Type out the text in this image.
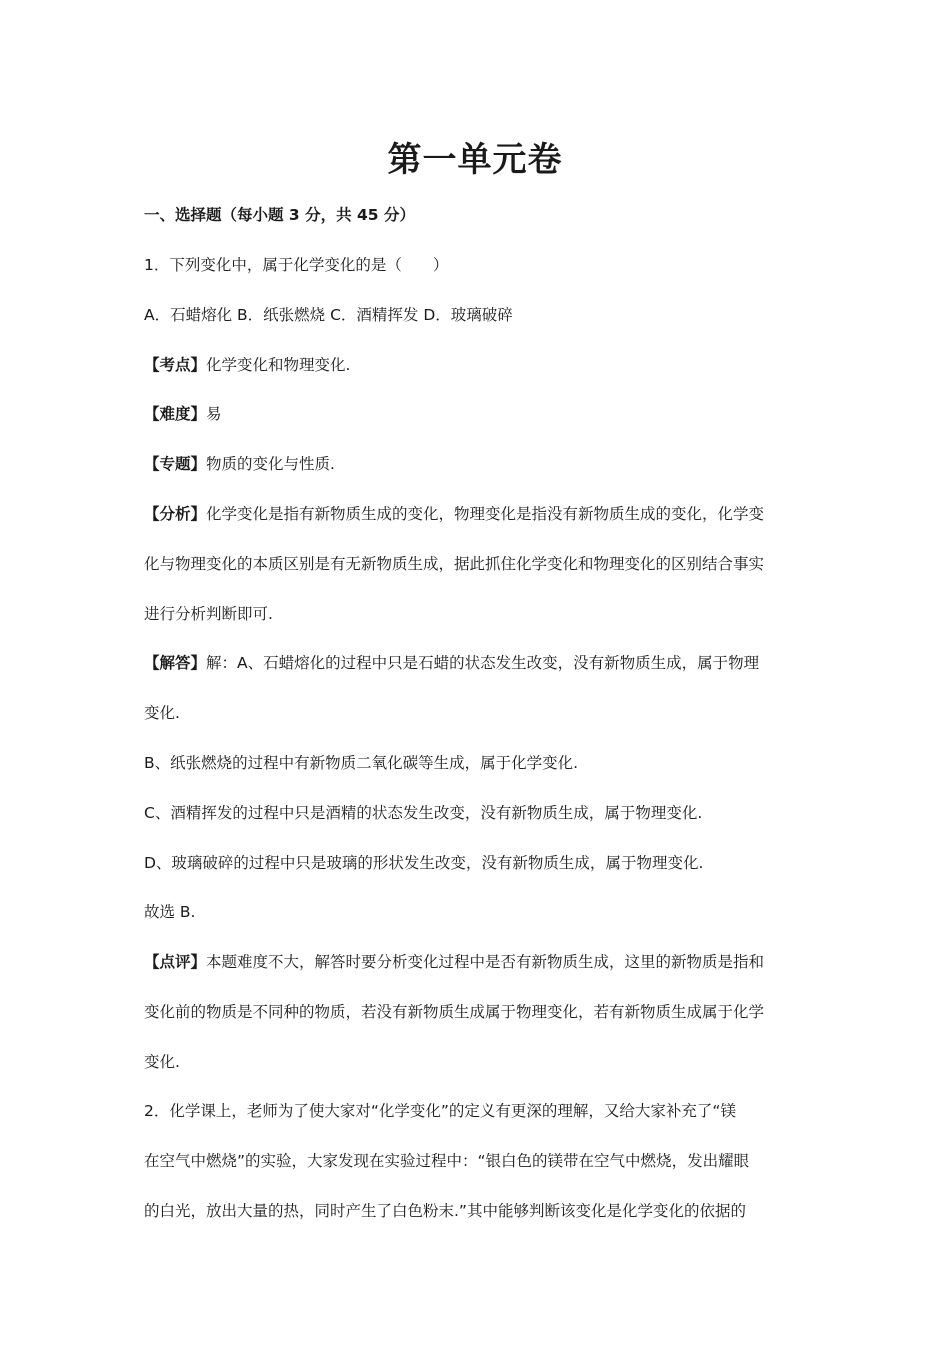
第一单元卷
一、选择题（每小题 3 分，共 45 分）
1．下列变化中，属于化学变化的是（　　）
A．石蜡熔化 B．纸张燃烧 C．酒精挥发 D．玻璃破碎
【考点】化学变化和物理变化.
【难度】易
【专题】物质的变化与性质.
【分析】化学变化是指有新物质生成的变化，物理变化是指没有新物质生成的变化，化学变
化与物理变化的本质区别是有无新物质生成，据此抓住化学变化和物理变化的区别结合事实
进行分析判断即可.
【解答】解：A、石蜡熔化的过程中只是石蜡的状态发生改变，没有新物质生成，属于物理
变化.
B、纸张燃烧的过程中有新物质二氧化碳等生成，属于化学变化.
C、酒精挥发的过程中只是酒精的状态发生改变，没有新物质生成，属于物理变化.
D、玻璃破碎的过程中只是玻璃的形状发生改变，没有新物质生成，属于物理变化.
故选 B.
【点评】本题难度不大，解答时要分析变化过程中是否有新物质生成，这里的新物质是指和
变化前的物质是不同种的物质，若没有新物质生成属于物理变化，若有新物质生成属于化学
变化.
2．化学课上，老师为了使大家对“化学变化”的定义有更深的理解，又给大家补充了“镁
在空气中燃烧”的实验，大家发现在实验过程中：“银白色的镁带在空气中燃烧，发出耀眼
的白光，放出大量的热，同时产生了白色粉末.”其中能够判断该变化是化学变化的依据的
